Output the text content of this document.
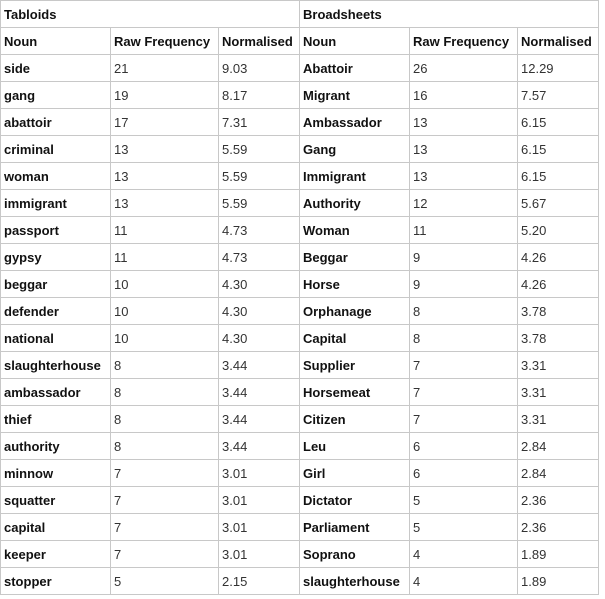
Tabloids			Broadsheets		
Noun	Raw Frequency	Normalised	Noun	Raw Frequency	Normalised
side	21	9.03	Abattoir	26	12.29
gang	19	8.17	Migrant	16	7.57
abattoir	17	7.31	Ambassador	13	6.15
criminal	13	5.59	Gang	13	6.15
woman	13	5.59	Immigrant	13	6.15
immigrant	13	5.59	Authority	12	5.67
passport	11	4.73	Woman	11	5.20
gypsy	11	4.73	Beggar	9	4.26
beggar	10	4.30	Horse	9	4.26
defender	10	4.30	Orphanage	8	3.78
national	10	4.30	Capital	8	3.78
slaughterhouse	8	3.44	Supplier	7	3.31
ambassador	8	3.44	Horsemeat	7	3.31
thief	8	3.44	Citizen	7	3.31
authority	8	3.44	Leu	6	2.84
minnow	7	3.01	Girl	6	2.84
squatter	7	3.01	Dictator	5	2.36
capital	7	3.01	Parliament	5	2.36
keeper	7	3.01	Soprano	4	1.89
stopper	5	2.15	slaughterhouse	4	1.89
